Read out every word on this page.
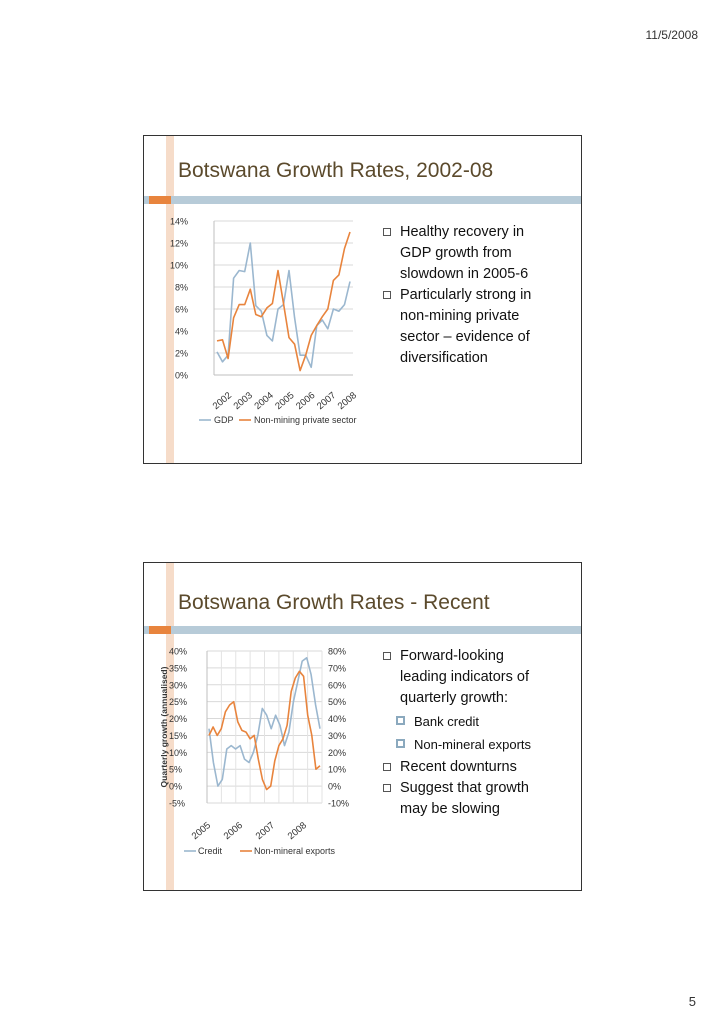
11/5/2008
Botswana Growth Rates, 2002-08
0%
2%
4%
6%
8%
10%
12%
14%
2002
2003
2004
2005
2006
2007
2008
GDP Non-mining private sector
Healthy recovery in
GDP growth from
slowdown in 2005-6
Particularly strong in
non-mining private
sector – evidence of
diversification
Botswana Growth Rates - Recent
-5%	-10%
0%	0%
5%	10%
10%	20%
15%	30%
20%	40%
25%	50%
30%	60%
35%	70%
40%	80%
Quarterly growth (annualised)
2005 2006 2007 2008
Credit	Non-mineral exports
Forward-looking
leading indicators of
quarterly growth:
Bank credit
Non-mineral exports
Recent downturns
Suggest that growth
may be slowing
5
